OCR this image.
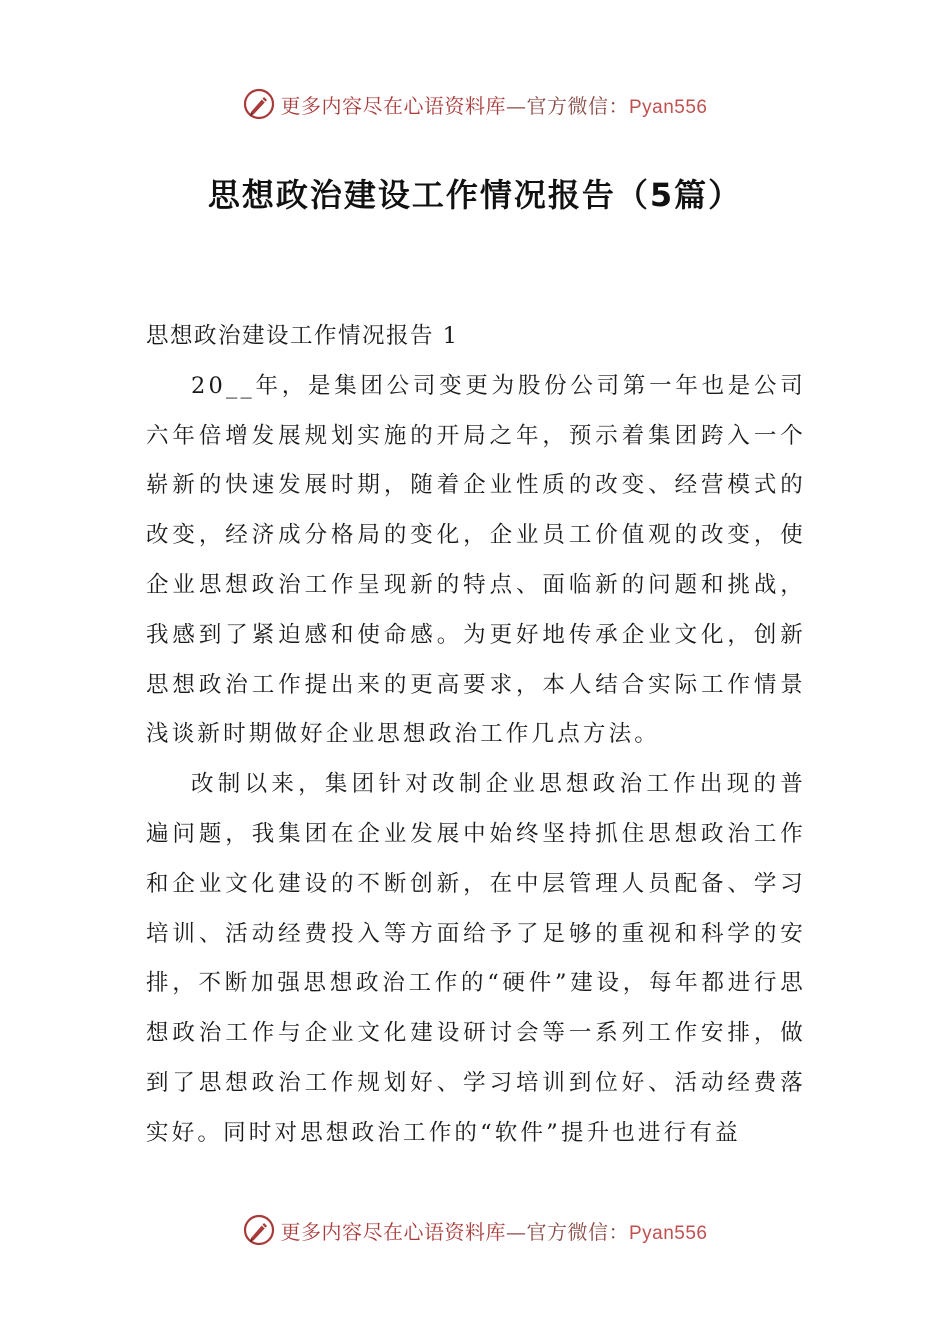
更多内容尽在心语资料库—官方微信：Pyan556
思想政治建设工作情况报告（5篇）

思想政治建设工作情况报告 1

20__年，是集团公司变更为股份公司第一年也是公司六年倍增发展规划实施的开局之年，预示着集团跨入一个崭新的快速发展时期，随着企业性质的改变、经营模式的改变，经济成分格局的变化，企业员工价值观的改变，使企业思想政治工作呈现新的特点、面临新的问题和挑战，我感到了紧迫感和使命感。为更好地传承企业文化，创新思想政治工作提出来的更高要求，本人结合实际工作情景浅谈新时期做好企业思想政治工作几点方法。

改制以来，集团针对改制企业思想政治工作出现的普遍问题，我集团在企业发展中始终坚持抓住思想政治工作和企业文化建设的不断创新，在中层管理人员配备、学习培训、活动经费投入等方面给予了足够的重视和科学的安排，不断加强思想政治工作的“硬件”建设，每年都进行思想政治工作与企业文化建设研讨会等一系列工作安排，做到了思想政治工作规划好、学习培训到位好、活动经费落实好。同时对思想政治工作的“软件”提升也进行有益

更多内容尽在心语资料库—官方微信：Pyan556
